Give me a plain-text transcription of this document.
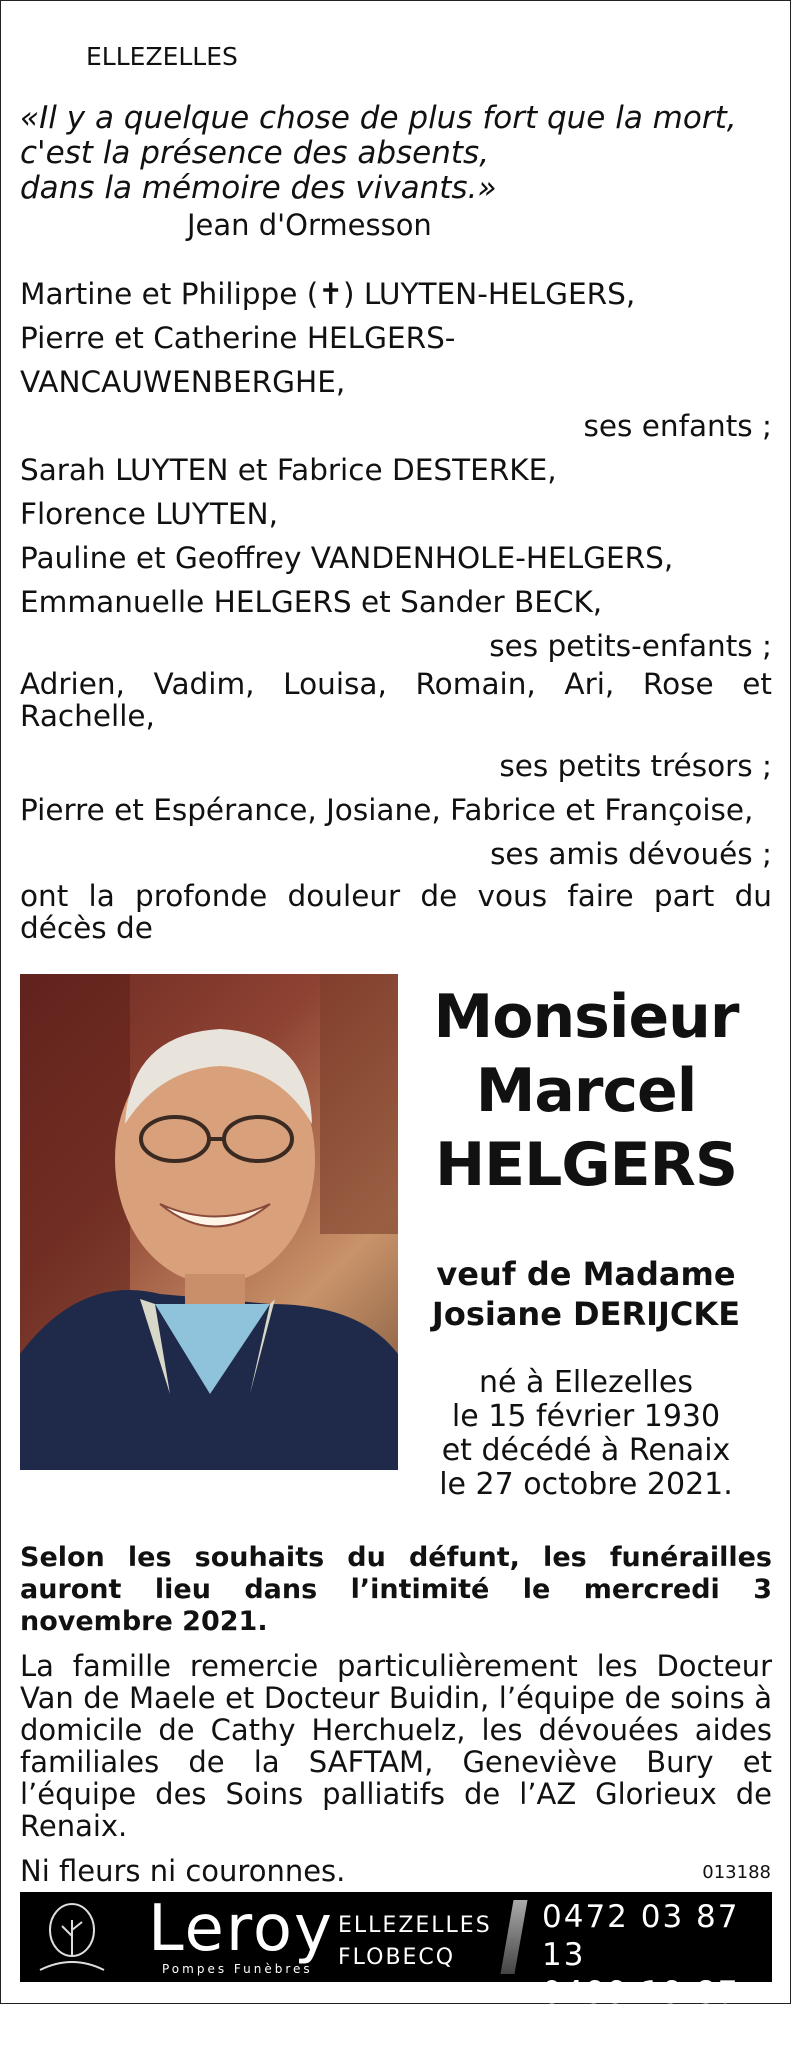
ELLEZELLES
«Il y a quelque chose de plus fort que la mort,
c'est la présence des absents,
dans la mémoire des vivants.»
Jean d'Ormesson

Martine et Philippe (✝) LUYTEN-HELGERS,

Pierre et Catherine HELGERS-VANCAUWENBERGHE,

ses enfants ;

Sarah LUYTEN et Fabrice DESTERKE,

Florence LUYTEN,

Pauline et Geoffrey VANDENHOLE-HELGERS,

Emmanuelle HELGERS et Sander BECK,

ses petits-enfants ;

Adrien, Vadim, Louisa, Romain, Ari, Rose et Rachelle,

ses petits trésors ;

Pierre et Espérance, Josiane, Fabrice et Françoise,

ses amis dévoués ;

ont la profonde douleur de vous faire part du décès de

Monsieur
Marcel
HELGERS
veuf de Madame
Josiane DERIJCKE
né à Ellezelles
le 15 février 1930
et décédé à Renaix
le 27 octobre 2021.
Selon les souhaits du défunt, les funérailles auront lieu dans l’intimité le mercredi 3 novembre 2021.
La famille remercie particulièrement les Docteur Van de Maele et Docteur Buidin, l’équipe de soins à domicile de Cathy Herchuelz, les dévouées aides familiales de la SAFTAM, Geneviève Bury et l’équipe des Soins palliatifs de l’AZ Glorieux de Renaix.
Ni fleurs ni couronnes.	013188
Leroy
Pompes Funèbres
ELLEZELLES
FLOBECQ
0472 03 87 13
0499 19 87 14
